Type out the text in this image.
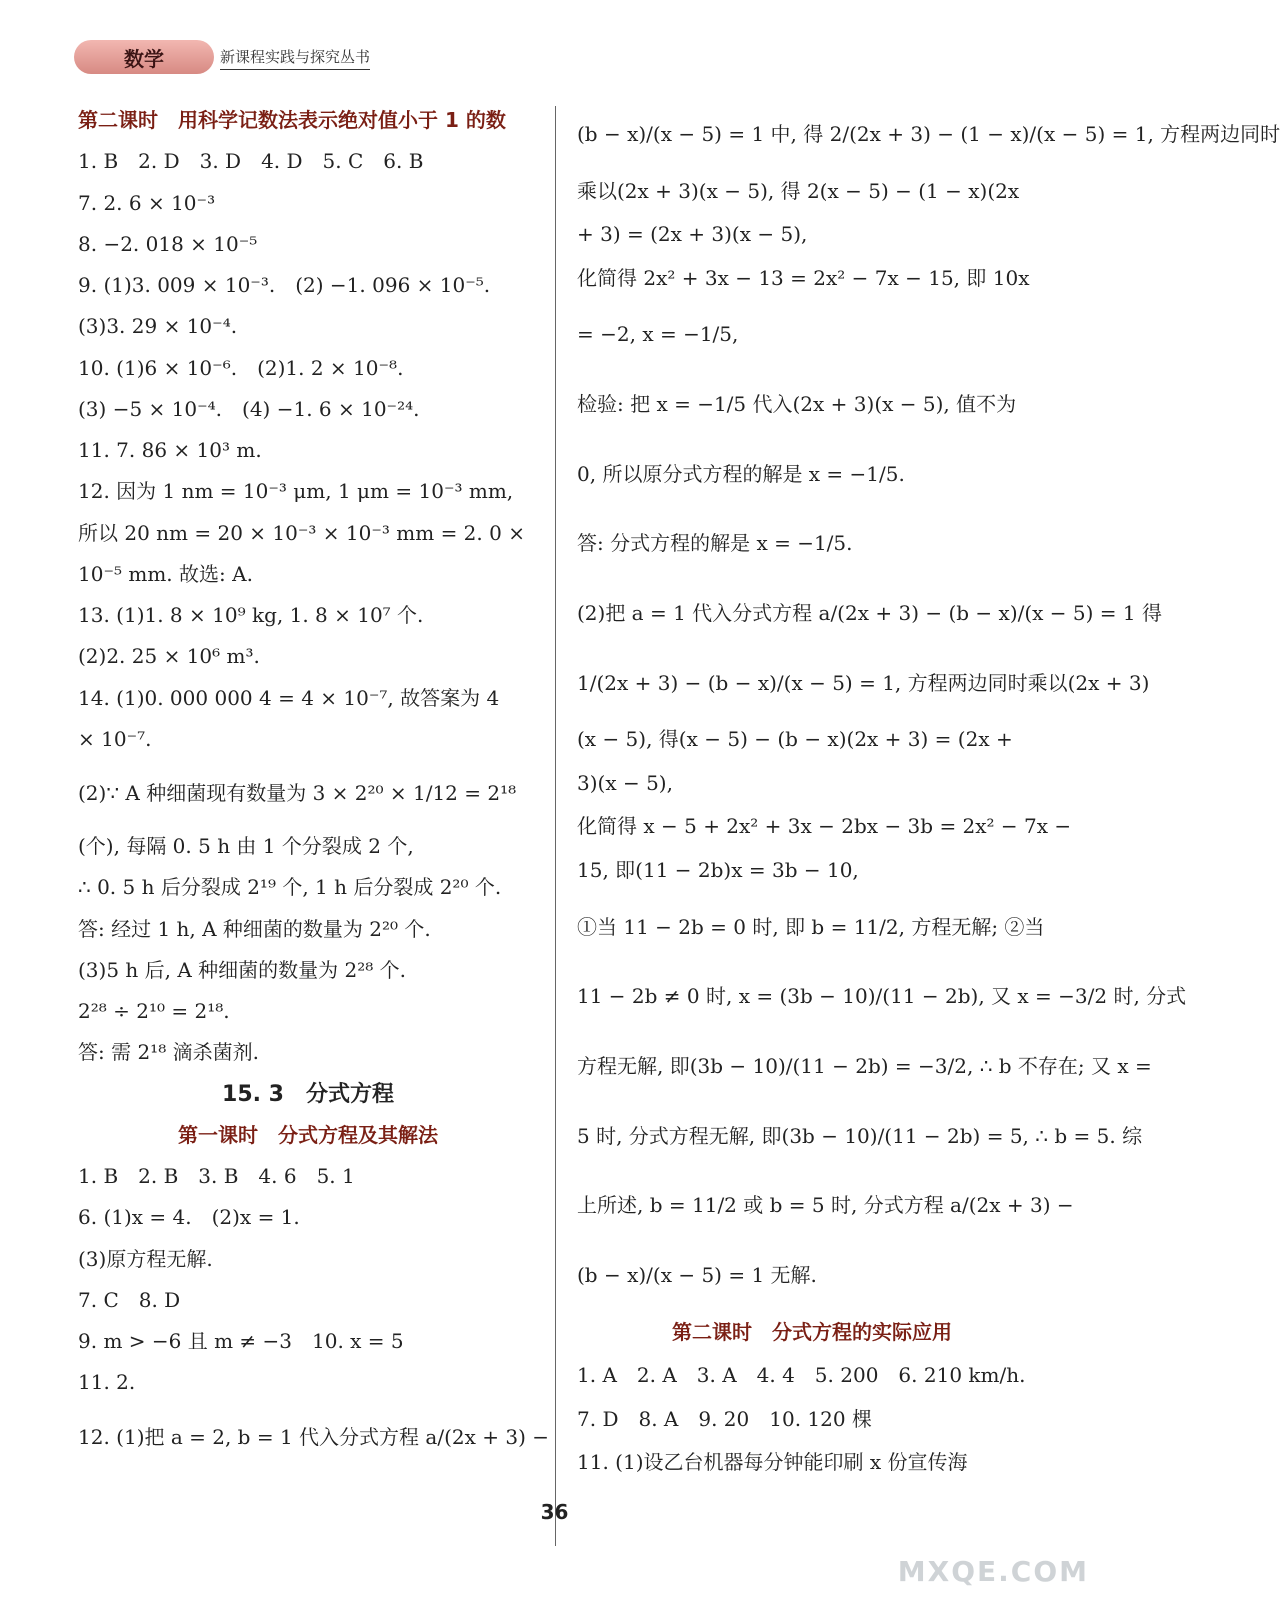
数学	新课程实践与探究丛书
第二课时　用科学记数法表示绝对值小于 1 的数
1. B　2. D　3. D　4. D　5. C　6. B
7. 2. 6 × 10⁻³
8. −2. 018 × 10⁻⁵
9. (1)3. 009 × 10⁻³.　(2) −1. 096 × 10⁻⁵.
(3)3. 29 × 10⁻⁴.
10. (1)6 × 10⁻⁶.　(2)1. 2 × 10⁻⁸.
(3) −5 × 10⁻⁴.　(4) −1. 6 × 10⁻²⁴.
11. 7. 86 × 10³ m.
12. 因为 1 nm = 10⁻³ μm, 1 μm = 10⁻³ mm,
所以 20 nm = 20 × 10⁻³ × 10⁻³ mm = 2. 0 ×
10⁻⁵ mm. 故选: A.
13. (1)1. 8 × 10⁹ kg, 1. 8 × 10⁷ 个.
(2)2. 25 × 10⁶ m³.
14. (1)0. 000 000 4 = 4 × 10⁻⁷, 故答案为 4
× 10⁻⁷.
(2)∵ A 种细菌现有数量为 3 × 2²⁰ × 1/12 = 2¹⁸
(个), 每隔 0. 5 h 由 1 个分裂成 2 个,
∴ 0. 5 h 后分裂成 2¹⁹ 个, 1 h 后分裂成 2²⁰ 个.
答: 经过 1 h, A 种细菌的数量为 2²⁰ 个.
(3)5 h 后, A 种细菌的数量为 2²⁸ 个.
2²⁸ ÷ 2¹⁰ = 2¹⁸.
答: 需 2¹⁸ 滴杀菌剂.
15. 3　分式方程
第一课时　分式方程及其解法
1. B　2. B　3. B　4. 6　5. 1
6. (1)x = 4.　(2)x = 1.
(3)原方程无解.
7. C　8. D
9. m > −6 且 m ≠ −3　10. x = 5
11. 2.
12. (1)把 a = 2, b = 1 代入分式方程 a/(2x + 3) −
(b − x)/(x − 5) = 1 中, 得 2/(2x + 3) − (1 − x)/(x − 5) = 1, 方程两边同时
乘以(2x + 3)(x − 5), 得 2(x − 5) − (1 − x)(2x
+ 3) = (2x + 3)(x − 5),
化简得 2x² + 3x − 13 = 2x² − 7x − 15, 即 10x
= −2, x = −1/5,
检验: 把 x = −1/5 代入(2x + 3)(x − 5), 值不为
0, 所以原分式方程的解是 x = −1/5.
答: 分式方程的解是 x = −1/5.
(2)把 a = 1 代入分式方程 a/(2x + 3) − (b − x)/(x − 5) = 1 得
1/(2x + 3) − (b − x)/(x − 5) = 1, 方程两边同时乘以(2x + 3)
(x − 5), 得(x − 5) − (b − x)(2x + 3) = (2x +
3)(x − 5),
化简得 x − 5 + 2x² + 3x − 2bx − 3b = 2x² − 7x −
15, 即(11 − 2b)x = 3b − 10,
①当 11 − 2b = 0 时, 即 b = 11/2, 方程无解; ②当
11 − 2b ≠ 0 时, x = (3b − 10)/(11 − 2b), 又 x = −3/2 时, 分式
方程无解, 即(3b − 10)/(11 − 2b) = −3/2, ∴ b 不存在; 又 x =
5 时, 分式方程无解, 即(3b − 10)/(11 − 2b) = 5, ∴ b = 5. 综
上所述, b = 11/2 或 b = 5 时, 分式方程 a/(2x + 3) −
(b − x)/(x − 5) = 1 无解.
第二课时　分式方程的实际应用
1. A　2. A　3. A　4. 4　5. 200　6. 210 km/h.
7. D　8. A　9. 20　10. 120 棵
11. (1)设乙台机器每分钟能印刷 x 份宣传海
36
MXQE.COM
